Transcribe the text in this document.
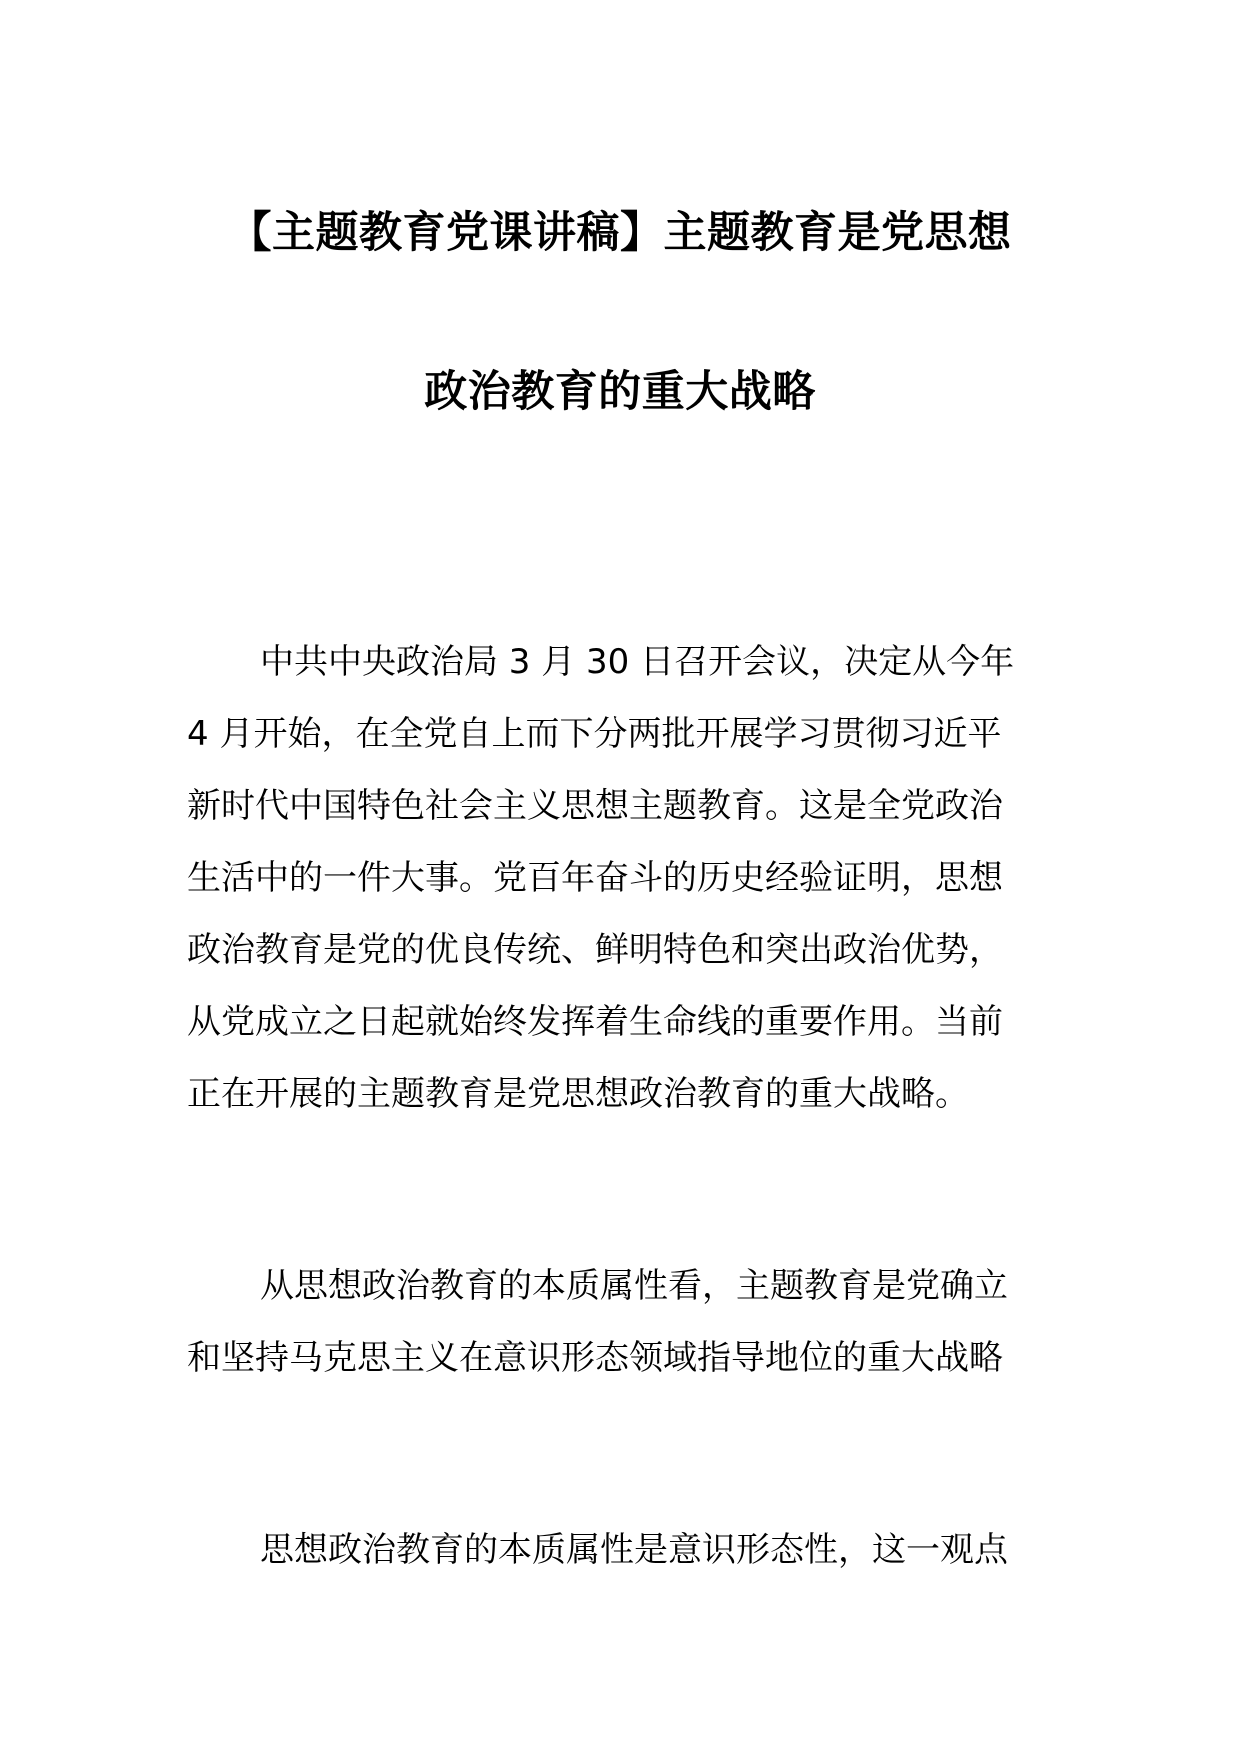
【主题教育党课讲稿】主题教育是党思想
政治教育的重大战略
中共中央政治局 3 月 30 日召开会议，决定从今年
4 月开始，在全党自上而下分两批开展学习贯彻习近平
新时代中国特色社会主义思想主题教育。这是全党政治
生活中的一件大事。党百年奋斗的历史经验证明，思想
政治教育是党的优良传统、鲜明特色和突出政治优势，
从党成立之日起就始终发挥着生命线的重要作用。当前
正在开展的主题教育是党思想政治教育的重大战略。
从思想政治教育的本质属性看，主题教育是党确立
和坚持马克思主义在意识形态领域指导地位的重大战略
思想政治教育的本质属性是意识形态性，这一观点
